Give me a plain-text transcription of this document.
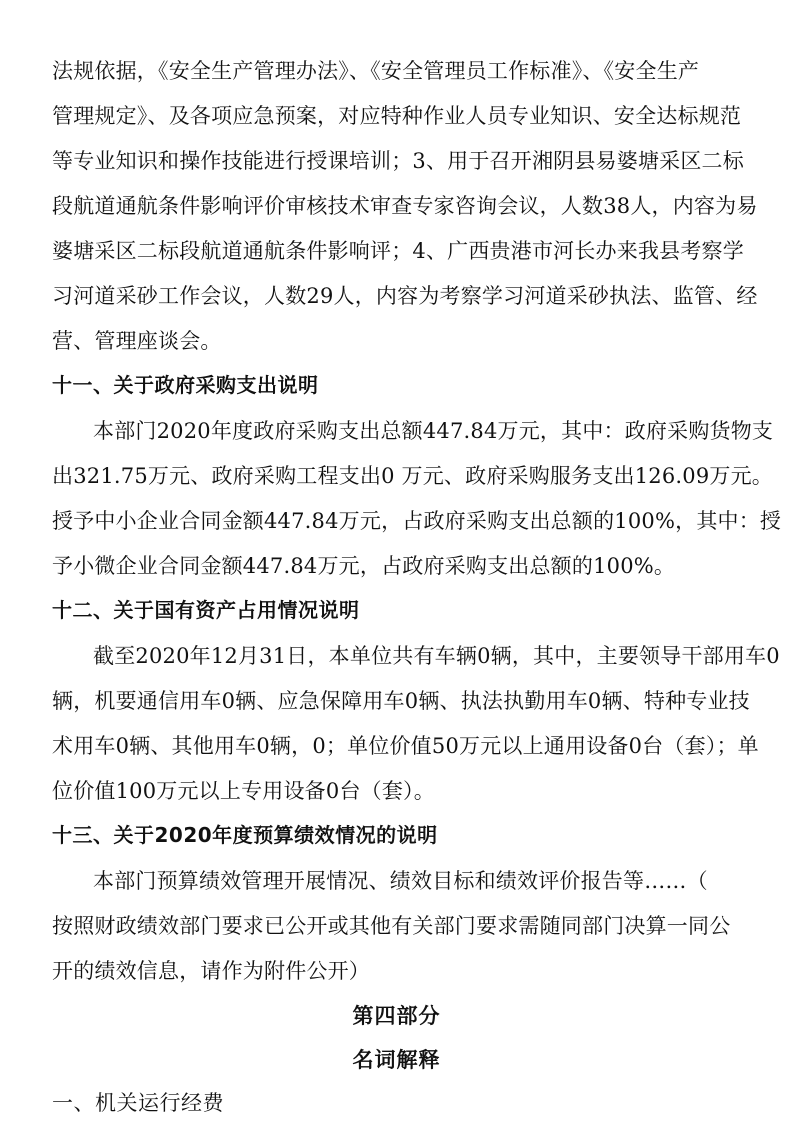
法规依据，《安全生产管理办法》、《安全管理员工作标准》、《安全生产
管理规定》、及各项应急预案，对应特种作业人员专业知识、安全达标规范
等专业知识和操作技能进行授课培训；3、用于召开湘阴县易婆塘采区二标
段航道通航条件影响评价审核技术审查专家咨询会议，人数38人，内容为易
婆塘采区二标段航道通航条件影响评；4、广西贵港市河长办来我县考察学
习河道采砂工作会议，人数29人，内容为考察学习河道采砂执法、监管、经
营、管理座谈会。
十一、关于政府采购支出说明
本部门2020年度政府采购支出总额447.84万元，其中：政府采购货物支
出321.75万元、政府采购工程支出0 万元、政府采购服务支出126.09万元。
授予中小企业合同金额447.84万元，占政府采购支出总额的100%，其中：授
予小微企业合同金额447.84万元，占政府采购支出总额的100%。
十二、关于国有资产占用情况说明
截至2020年12月31日，本单位共有车辆0辆，其中，主要领导干部用车0
辆，机要通信用车0辆、应急保障用车0辆、执法执勤用车0辆、特种专业技
术用车0辆、其他用车0辆，0；单位价值50万元以上通用设备0台（套）；单
位价值100万元以上专用设备0台（套）。
十三、关于2020年度预算绩效情况的说明
本部门预算绩效管理开展情况、绩效目标和绩效评价报告等……（
按照财政绩效部门要求已公开或其他有关部门要求需随同部门决算一同公
开的绩效信息，请作为附件公开）
第四部分
名词解释
一、机关运行经费
